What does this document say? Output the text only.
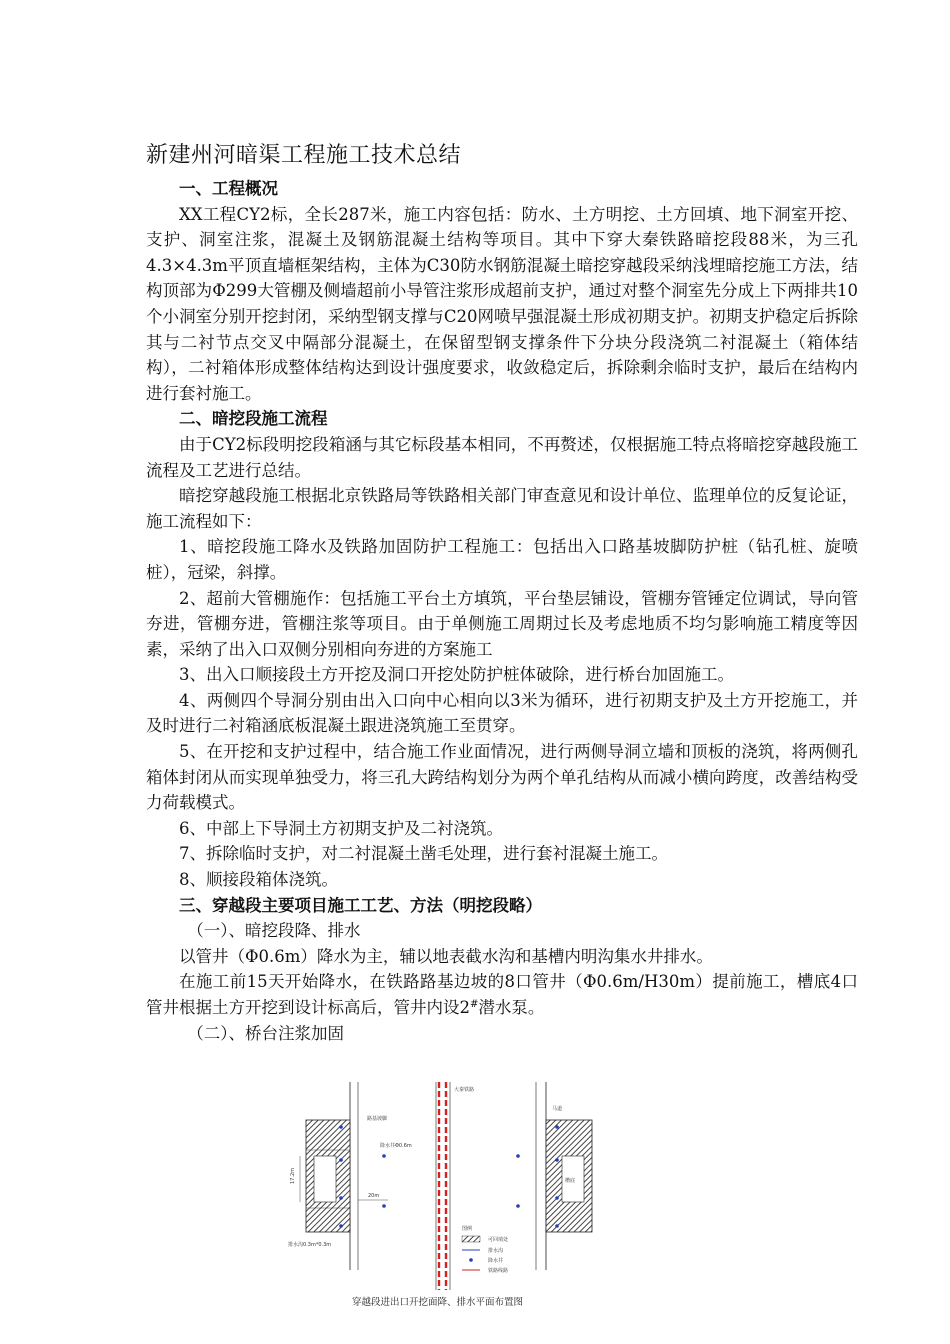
新建州河暗渠工程施工技术总结

一、工程概况

XX工程CY2标，全长287米，施工内容包括：防水、土方明挖、土方回填、地下洞室开挖、支护、洞室注浆，混凝土及钢筋混凝土结构等项目。其中下穿大秦铁路暗挖段88米，为三孔4.3×4.3m平顶直墙框架结构，主体为C30防水钢筋混凝土暗挖穿越段采纳浅埋暗挖施工方法，结构顶部为Φ299大管棚及侧墙超前小导管注浆形成超前支护，通过对整个洞室先分成上下两排共10个小洞室分别开挖封闭，采纳型钢支撑与C20网喷早强混凝土形成初期支护。初期支护稳定后拆除其与二衬节点交叉中隔部分混凝土，在保留型钢支撑条件下分块分段浇筑二衬混凝土（箱体结构），二衬箱体形成整体结构达到设计强度要求，收敛稳定后，拆除剩余临时支护，最后在结构内进行套衬施工。

二、暗挖段施工流程

由于CY2标段明挖段箱涵与其它标段基本相同，不再赘述，仅根据施工特点将暗挖穿越段施工流程及工艺进行总结。

暗挖穿越段施工根据北京铁路局等铁路相关部门审查意见和设计单位、监理单位的反复论证，施工流程如下：

1、暗挖段施工降水及铁路加固防护工程施工：包括出入口路基坡脚防护桩（钻孔桩、旋喷桩），冠梁，斜撑。

2、超前大管棚施作：包括施工平台土方填筑，平台垫层铺设，管棚夯管锤定位调试，导向管夯进，管棚夯进，管棚注浆等项目。由于单侧施工周期过长及考虑地质不均匀影响施工精度等因素，采纳了出入口双侧分别相向夯进的方案施工

3、出入口顺接段土方开挖及洞口开挖处防护桩体破除，进行桥台加固施工。

4、两侧四个导洞分别由出入口向中心相向以3米为循环，进行初期支护及土方开挖施工，并及时进行二衬箱涵底板混凝土跟进浇筑施工至贯穿。

5、在开挖和支护过程中，结合施工作业面情况，进行两侧导洞立墙和顶板的浇筑，将两侧孔箱体封闭从而实现单独受力，将三孔大跨结构划分为两个单孔结构从而减小横向跨度，改善结构受力荷载模式。

6、中部上下导洞土方初期支护及二衬浇筑。

7、拆除临时支护，对二衬混凝土凿毛处理，进行套衬混凝土施工。

8、顺接段箱体浇筑。

三、穿越段主要项目施工工艺、方法（明挖段略）

（一）、暗挖段降、排水

以管井（Φ0.6m）降水为主，辅以地表截水沟和基槽内明沟集水井排水。

在施工前15天开始降水，在铁路路基边坡的8口管井（Φ0.6m/H30m）提前施工，槽底4口管井根据土方开挖到设计标高后，管井内设2#潜水泵。

（二）、桥台注浆加固

17.2m
路基坡脚
降水井Φ0.6m
20m
排水沟0.3m*0.3m
大秦铁路
槽底
马道
图例
可回填处
排水沟
降水井
铁路线路
穿越段进出口开挖面降、排水平面布置图
